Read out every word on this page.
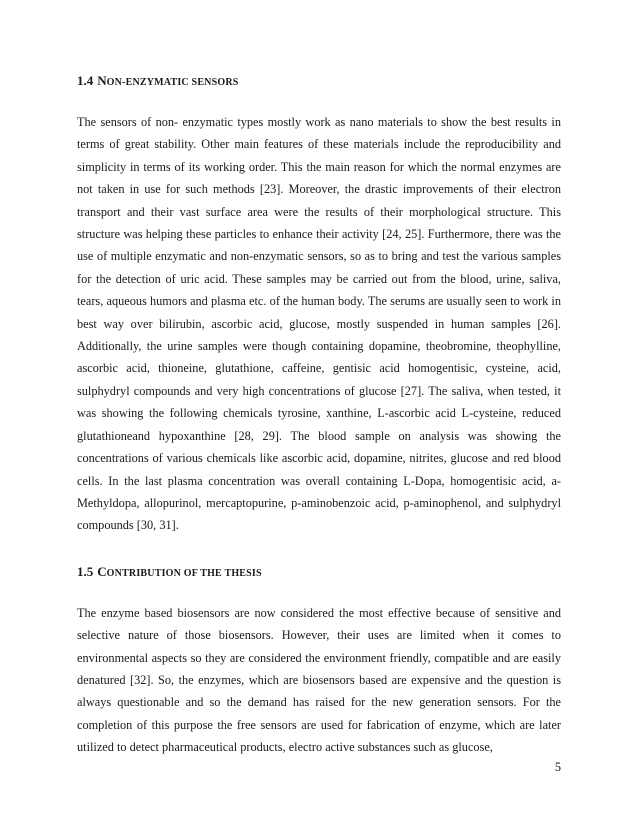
1.4 NON-ENZYMATIC SENSORS

The sensors of non- enzymatic types mostly work as nano materials to show the best results in terms of great stability. Other main features of these materials include the reproducibility and simplicity in terms of its working order. This the main reason for which the normal enzymes are not taken in use for such methods [23]. Moreover, the drastic improvements of their electron transport and their vast surface area were the results of their morphological structure. This structure was helping these particles to enhance their activity [24, 25]. Furthermore, there was the use of multiple enzymatic and non-enzymatic sensors, so as to bring and test the various samples for the detection of uric acid. These samples may be carried out from the blood, urine, saliva, tears, aqueous humors and plasma etc. of the human body. The serums are usually seen to work in best way over bilirubin, ascorbic acid, glucose, mostly suspended in human samples [26]. Additionally, the urine samples were though containing dopamine, theobromine, theophylline, ascorbic acid, thioneine, glutathione, caffeine, gentisic acid homogentisic, cysteine, acid, sulphydryl compounds and very high concentrations of glucose [27]. The saliva, when tested, it was showing the following chemicals tyrosine, xanthine, L-ascorbic acid L-cysteine, reduced glutathioneand hypoxanthine [28, 29]. The blood sample on analysis was showing the concentrations of various chemicals like ascorbic acid, dopamine, nitrites, glucose and red blood cells. In the last plasma concentration was overall containing L-Dopa, homogentisic acid, a-Methyldopa, allopurinol, mercaptopurine, p-aminobenzoic acid, p-aminophenol, and sulphydryl compounds [30, 31].

1.5 CONTRIBUTION OF THE THESIS

The enzyme based biosensors are now considered the most effective because of sensitive and selective nature of those biosensors. However, their uses are limited when it comes to environmental aspects so they are considered the environment friendly, compatible and are easily denatured [32]. So, the enzymes, which are biosensors based are expensive and the question is always questionable and so the demand has raised for the new generation sensors. For the completion of this purpose the free sensors are used for fabrication of enzyme, which are later utilized to detect pharmaceutical products, electro active substances such as glucose,

5
